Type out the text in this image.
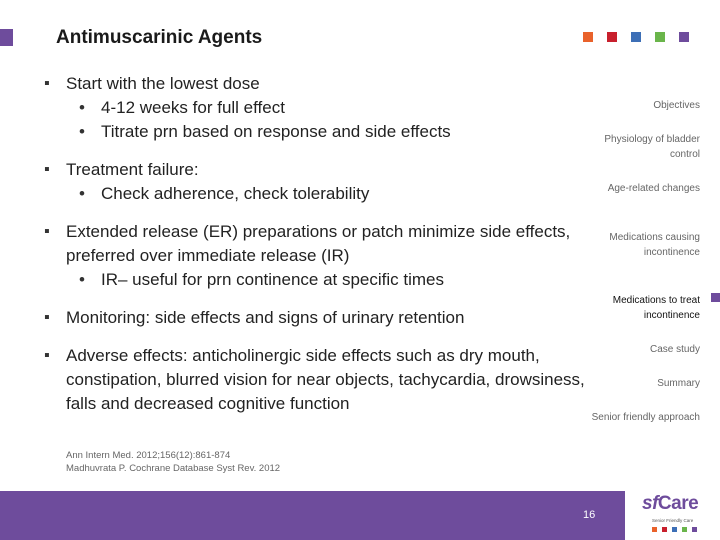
Antimuscarinic Agents
▪ Start with the lowest dose
• 4-12 weeks for full effect
• Titrate prn based on response and side effects
▪ Treatment failure:
• Check adherence, check tolerability
▪ Extended release (ER) preparations or patch minimize side effects, preferred over immediate release (IR)
• IR– useful for prn continence at specific times
▪ Monitoring: side effects and signs of urinary retention
▪ Adverse effects: anticholinergic side effects such as dry mouth, constipation, blurred vision for near objects, tachycardia, drowsiness, falls and decreased cognitive function
Objectives
Physiology of bladder control
Age-related changes
Medications causing incontinence
Medications to treat incontinence
Case study
Summary
Senior friendly approach
Ann Intern Med. 2012;156(12):861-874
Madhuvrata P. Cochrane Database Syst Rev. 2012
16
sfCare
Senior Friendly Care
